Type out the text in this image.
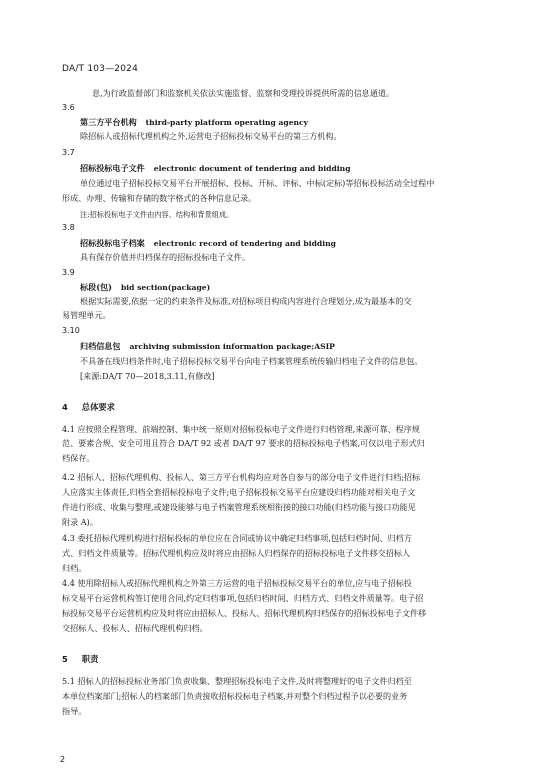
DA/T 103—2024
息,为行政监督部门和监察机关依法实施监督、监察和受理投诉提供所需的信息通道。
3.6
第三方平台机构 third-party platform operating agency
除招标人或招标代理机构之外,运营电子招标投标交易平台的第三方机构。
3.7
招标投标电子文件 electronic document of tendering and bidding
单位通过电子招标投标交易平台开展招标、投标、开标、评标、中标(定标)等招标投标活动全过程中
形成、办理、传输和存储的数字格式的各种信息记录。
注:招标投标电子文件由内容、结构和背景组成。
3.8
招标投标电子档案 electronic record of tendering and bidding
具有保存价值并归档保存的招标投标电子文件。
3.9
标段(包) bid section(package)
根据实际需要,依据一定的约束条件及标准,对招标项目构成内容进行合理划分,成为最基本的交
易管理单元。
3.10
归档信息包 archiving submission information package;ASIP
不具备在线归档条件时,电子招标投标交易平台向电子档案管理系统传输归档电子文件的信息包。
[来源:DA/T 70—2018,3.11,有修改]
4 总体要求
4.1 应按照全程管理、前端控制、集中统一原则对招标投标电子文件进行归档管理,来源可靠、程序规
范、要素合规、安全可用且符合 DA/T 92 或者 DA/T 97 要求的招标投标电子档案,可仅以电子形式归
档保存。
4.2 招标人、招标代理机构、投标人、第三方平台机构均应对各自参与的部分电子文件进行归档;招标
人应落实主体责任,归档全套招标投标电子文件;电子招标投标交易平台应建设归档功能对相关电子文
件进行形成、收集与整理,或建设能够与电子档案管理系统相衔接的接口功能(归档功能与接口功能见
附录 A)。
4.3 委托招标代理机构进行招标投标的单位应在合同或协议中确定归档事项,包括归档时间、归档方
式、归档文件质量等。招标代理机构应及时将应由招标人归档保存的招标投标电子文件移交招标人
归档。
4.4 使用除招标人或招标代理机构之外第三方运营的电子招标投标交易平台的单位,应与电子招标投
标交易平台运营机构签订使用合同,约定归档事项,包括归档时间、归档方式、归档文件质量等。电子招
标投标交易平台运营机构应及时将应由招标人、投标人、招标代理机构归档保存的招标投标电子文件移
交招标人、投标人、招标代理机构归档。
5 职责
5.1 招标人的招标投标业务部门负责收集、整理招标投标电子文件,及时将整理好的电子文件归档至
本单位档案部门;招标人的档案部门负责接收招标投标电子档案,并对整个归档过程予以必要的业务
指导。
2
